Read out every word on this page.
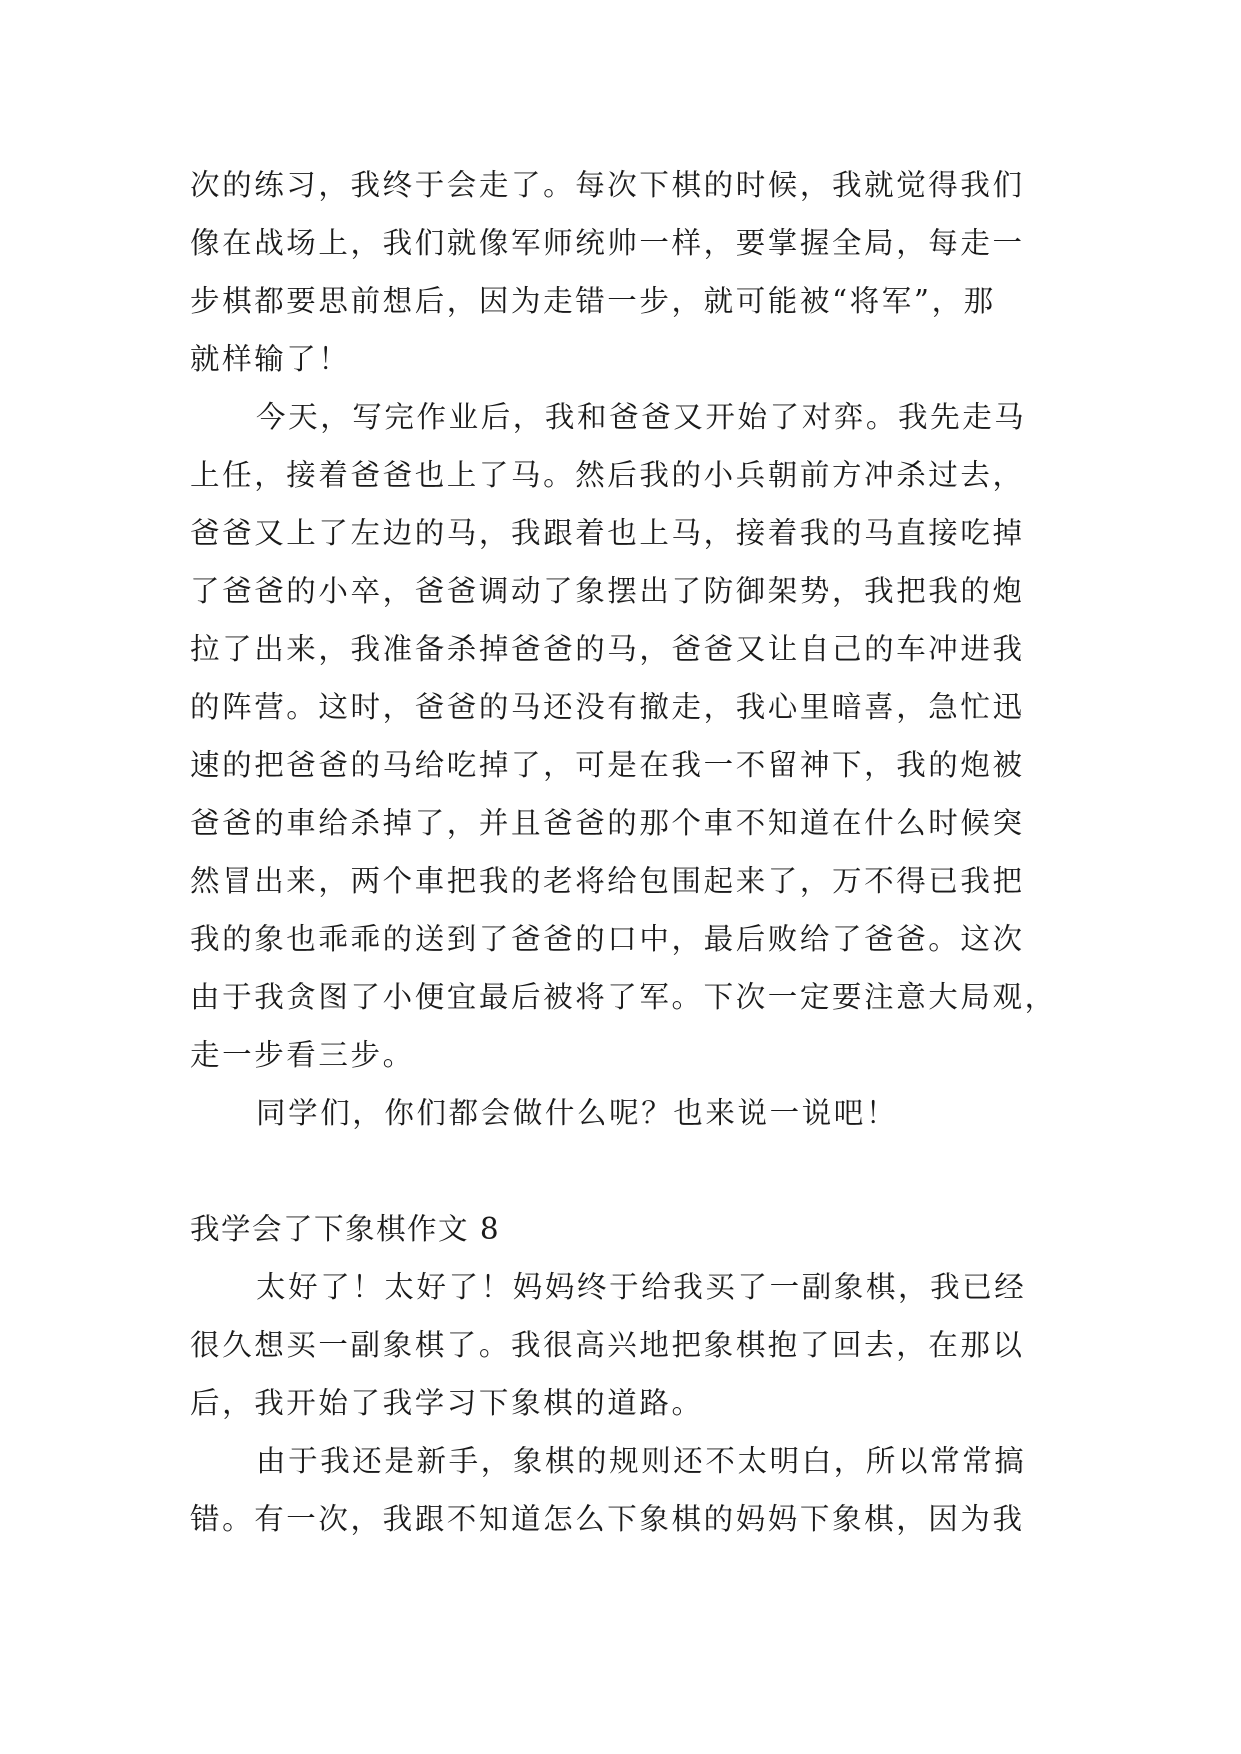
次的练习，我终于会走了。每次下棋的时候，我就觉得我们
像在战场上，我们就像军师统帅一样，要掌握全局，每走一
步棋都要思前想后，因为走错一步，就可能被“将军”，那
就样输了！
今天，写完作业后，我和爸爸又开始了对弈。我先走马
上任，接着爸爸也上了马。然后我的小兵朝前方冲杀过去，
爸爸又上了左边的马，我跟着也上马，接着我的马直接吃掉
了爸爸的小卒，爸爸调动了象摆出了防御架势，我把我的炮
拉了出来，我准备杀掉爸爸的马，爸爸又让自己的车冲进我
的阵营。这时，爸爸的马还没有撤走，我心里暗喜，急忙迅
速的把爸爸的马给吃掉了，可是在我一不留神下，我的炮被
爸爸的車给杀掉了，并且爸爸的那个車不知道在什么时候突
然冒出来，两个車把我的老将给包围起来了，万不得已我把
我的象也乖乖的送到了爸爸的口中，最后败给了爸爸。这次
由于我贪图了小便宜最后被将了军。下次一定要注意大局观，
走一步看三步。
同学们，你们都会做什么呢？也来说一说吧！
我学会了下象棋作文 8
太好了！太好了！妈妈终于给我买了一副象棋，我已经
很久想买一副象棋了。我很高兴地把象棋抱了回去，在那以
后，我开始了我学习下象棋的道路。
由于我还是新手，象棋的规则还不太明白，所以常常搞
错。有一次，我跟不知道怎么下象棋的妈妈下象棋，因为我
